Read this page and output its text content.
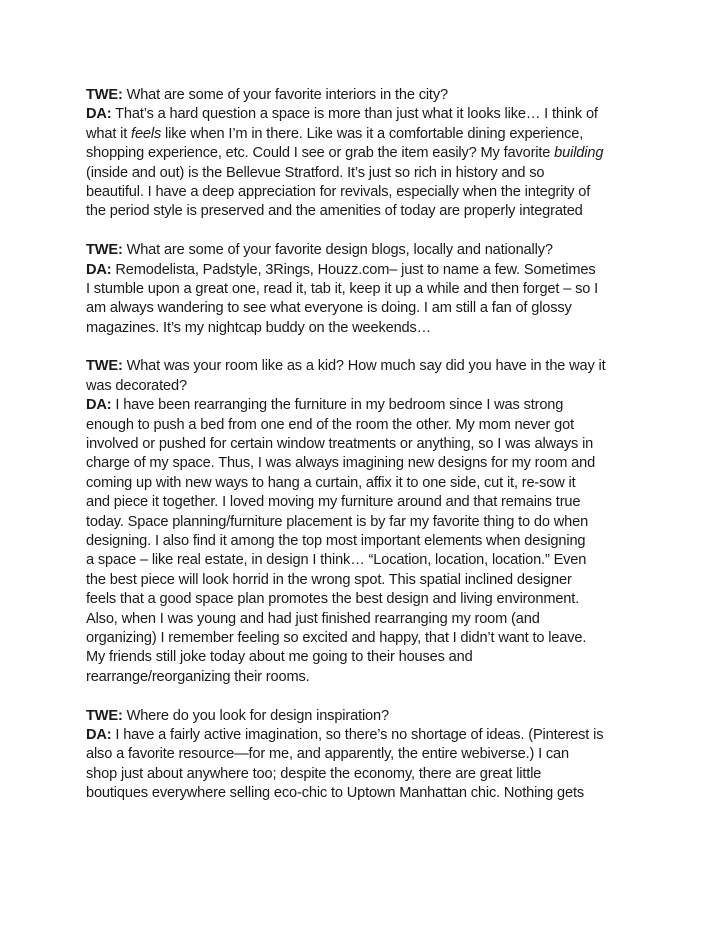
TWE: What are some of your favorite interiors in the city?
DA: That’s a hard question a space is more than just what it looks like… I think of
what it feels like when I’m in there. Like was it a comfortable dining experience,
shopping experience, etc. Could I see or grab the item easily? My favorite building
(inside and out) is the Bellevue Stratford. It’s just so rich in history and so
beautiful. I have a deep appreciation for revivals, especially when the integrity of
the period style is preserved and the amenities of today are properly integrated
TWE: What are some of your favorite design blogs, locally and nationally?
DA: Remodelista, Padstyle, 3Rings, Houzz.com– just to name a few. Sometimes
I stumble upon a great one, read it, tab it, keep it up a while and then forget – so I
am always wandering to see what everyone is doing. I am still a fan of glossy
magazines. It’s my nightcap buddy on the weekends…
TWE: What was your room like as a kid? How much say did you have in the way it
was decorated?
DA: I have been rearranging the furniture in my bedroom since I was strong
enough to push a bed from one end of the room the other. My mom never got
involved or pushed for certain window treatments or anything, so I was always in
charge of my space. Thus, I was always imagining new designs for my room and
coming up with new ways to hang a curtain, affix it to one side, cut it, re-sow it
and piece it together. I loved moving my furniture around and that remains true
today. Space planning/furniture placement is by far my favorite thing to do when
designing. I also find it among the top most important elements when designing
a space – like real estate, in design I think… “Location, location, location.” Even
the best piece will look horrid in the wrong spot. This spatial inclined designer
feels that a good space plan promotes the best design and living environment.
Also, when I was young and had just finished rearranging my room (and
organizing) I remember feeling so excited and happy, that I didn’t want to leave.
My friends still joke today about me going to their houses and
rearrange/reorganizing their rooms.
TWE: Where do you look for design inspiration?
DA: I have a fairly active imagination, so there’s no shortage of ideas. (Pinterest is
also a favorite resource—for me, and apparently, the entire webiverse.) I can
shop just about anywhere too; despite the economy, there are great little
boutiques everywhere selling eco-chic to Uptown Manhattan chic. Nothing gets
